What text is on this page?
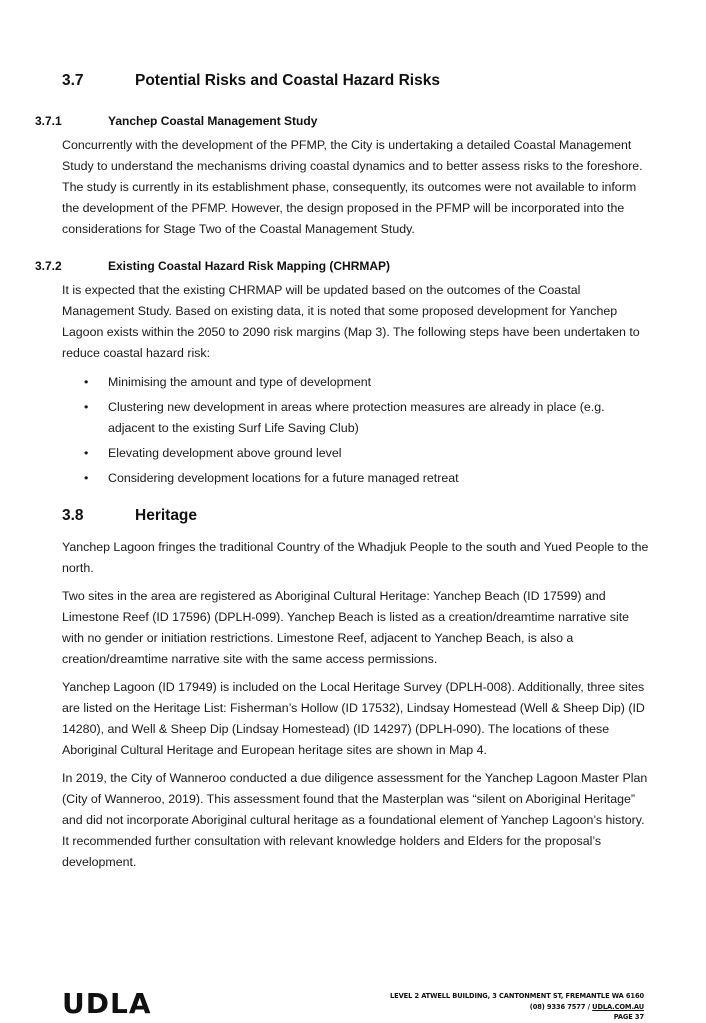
3.7	Potential Risks and Coastal Hazard Risks
3.7.1	Yanchep Coastal Management Study

Concurrently with the development of the PFMP, the City is undertaking a detailed Coastal Management Study to understand the mechanisms driving coastal dynamics and to better assess risks to the foreshore. The study is currently in its establishment phase, consequently, its outcomes were not available to inform the development of the PFMP. However, the design proposed in the PFMP will be incorporated into the considerations for Stage Two of the Coastal Management Study.

3.7.2	Existing Coastal Hazard Risk Mapping (CHRMAP)

It is expected that the existing CHRMAP will be updated based on the outcomes of the Coastal Management Study. Based on existing data, it is noted that some proposed development for Yanchep Lagoon exists within the 2050 to 2090 risk margins (Map 3). The following steps have been undertaken to reduce coastal hazard risk:

• Minimising the amount and type of development
• Clustering new development in areas where protection measures are already in place (e.g. adjacent to the existing Surf Life Saving Club)
• Elevating development above ground level
• Considering development locations for a future managed retreat
3.8	Heritage

Yanchep Lagoon fringes the traditional Country of the Whadjuk People to the south and Yued People to the north.

Two sites in the area are registered as Aboriginal Cultural Heritage: Yanchep Beach (ID 17599) and Limestone Reef (ID 17596) (DPLH-099). Yanchep Beach is listed as a creation/dreamtime narrative site with no gender or initiation restrictions. Limestone Reef, adjacent to Yanchep Beach, is also a creation/dreamtime narrative site with the same access permissions.

Yanchep Lagoon (ID 17949) is included on the Local Heritage Survey (DPLH-008). Additionally, three sites are listed on the Heritage List: Fisherman’s Hollow (ID 17532), Lindsay Homestead (Well & Sheep Dip) (ID 14280), and Well & Sheep Dip (Lindsay Homestead) (ID 14297) (DPLH-090). The locations of these Aboriginal Cultural Heritage and European heritage sites are shown in Map 4.

In 2019, the City of Wanneroo conducted a due diligence assessment for the Yanchep Lagoon Master Plan (City of Wanneroo, 2019). This assessment found that the Masterplan was “silent on Aboriginal Heritage” and did not incorporate Aboriginal cultural heritage as a foundational element of Yanchep Lagoon’s history. It recommended further consultation with relevant knowledge holders and Elders for the proposal’s development.

UDLA	LEVEL 2 ATWELL BUILDING, 3 CANTONMENT ST, FREMANTLE WA 6160
(08) 9336 7577 / UDLA.COM.AU
PAGE 37
